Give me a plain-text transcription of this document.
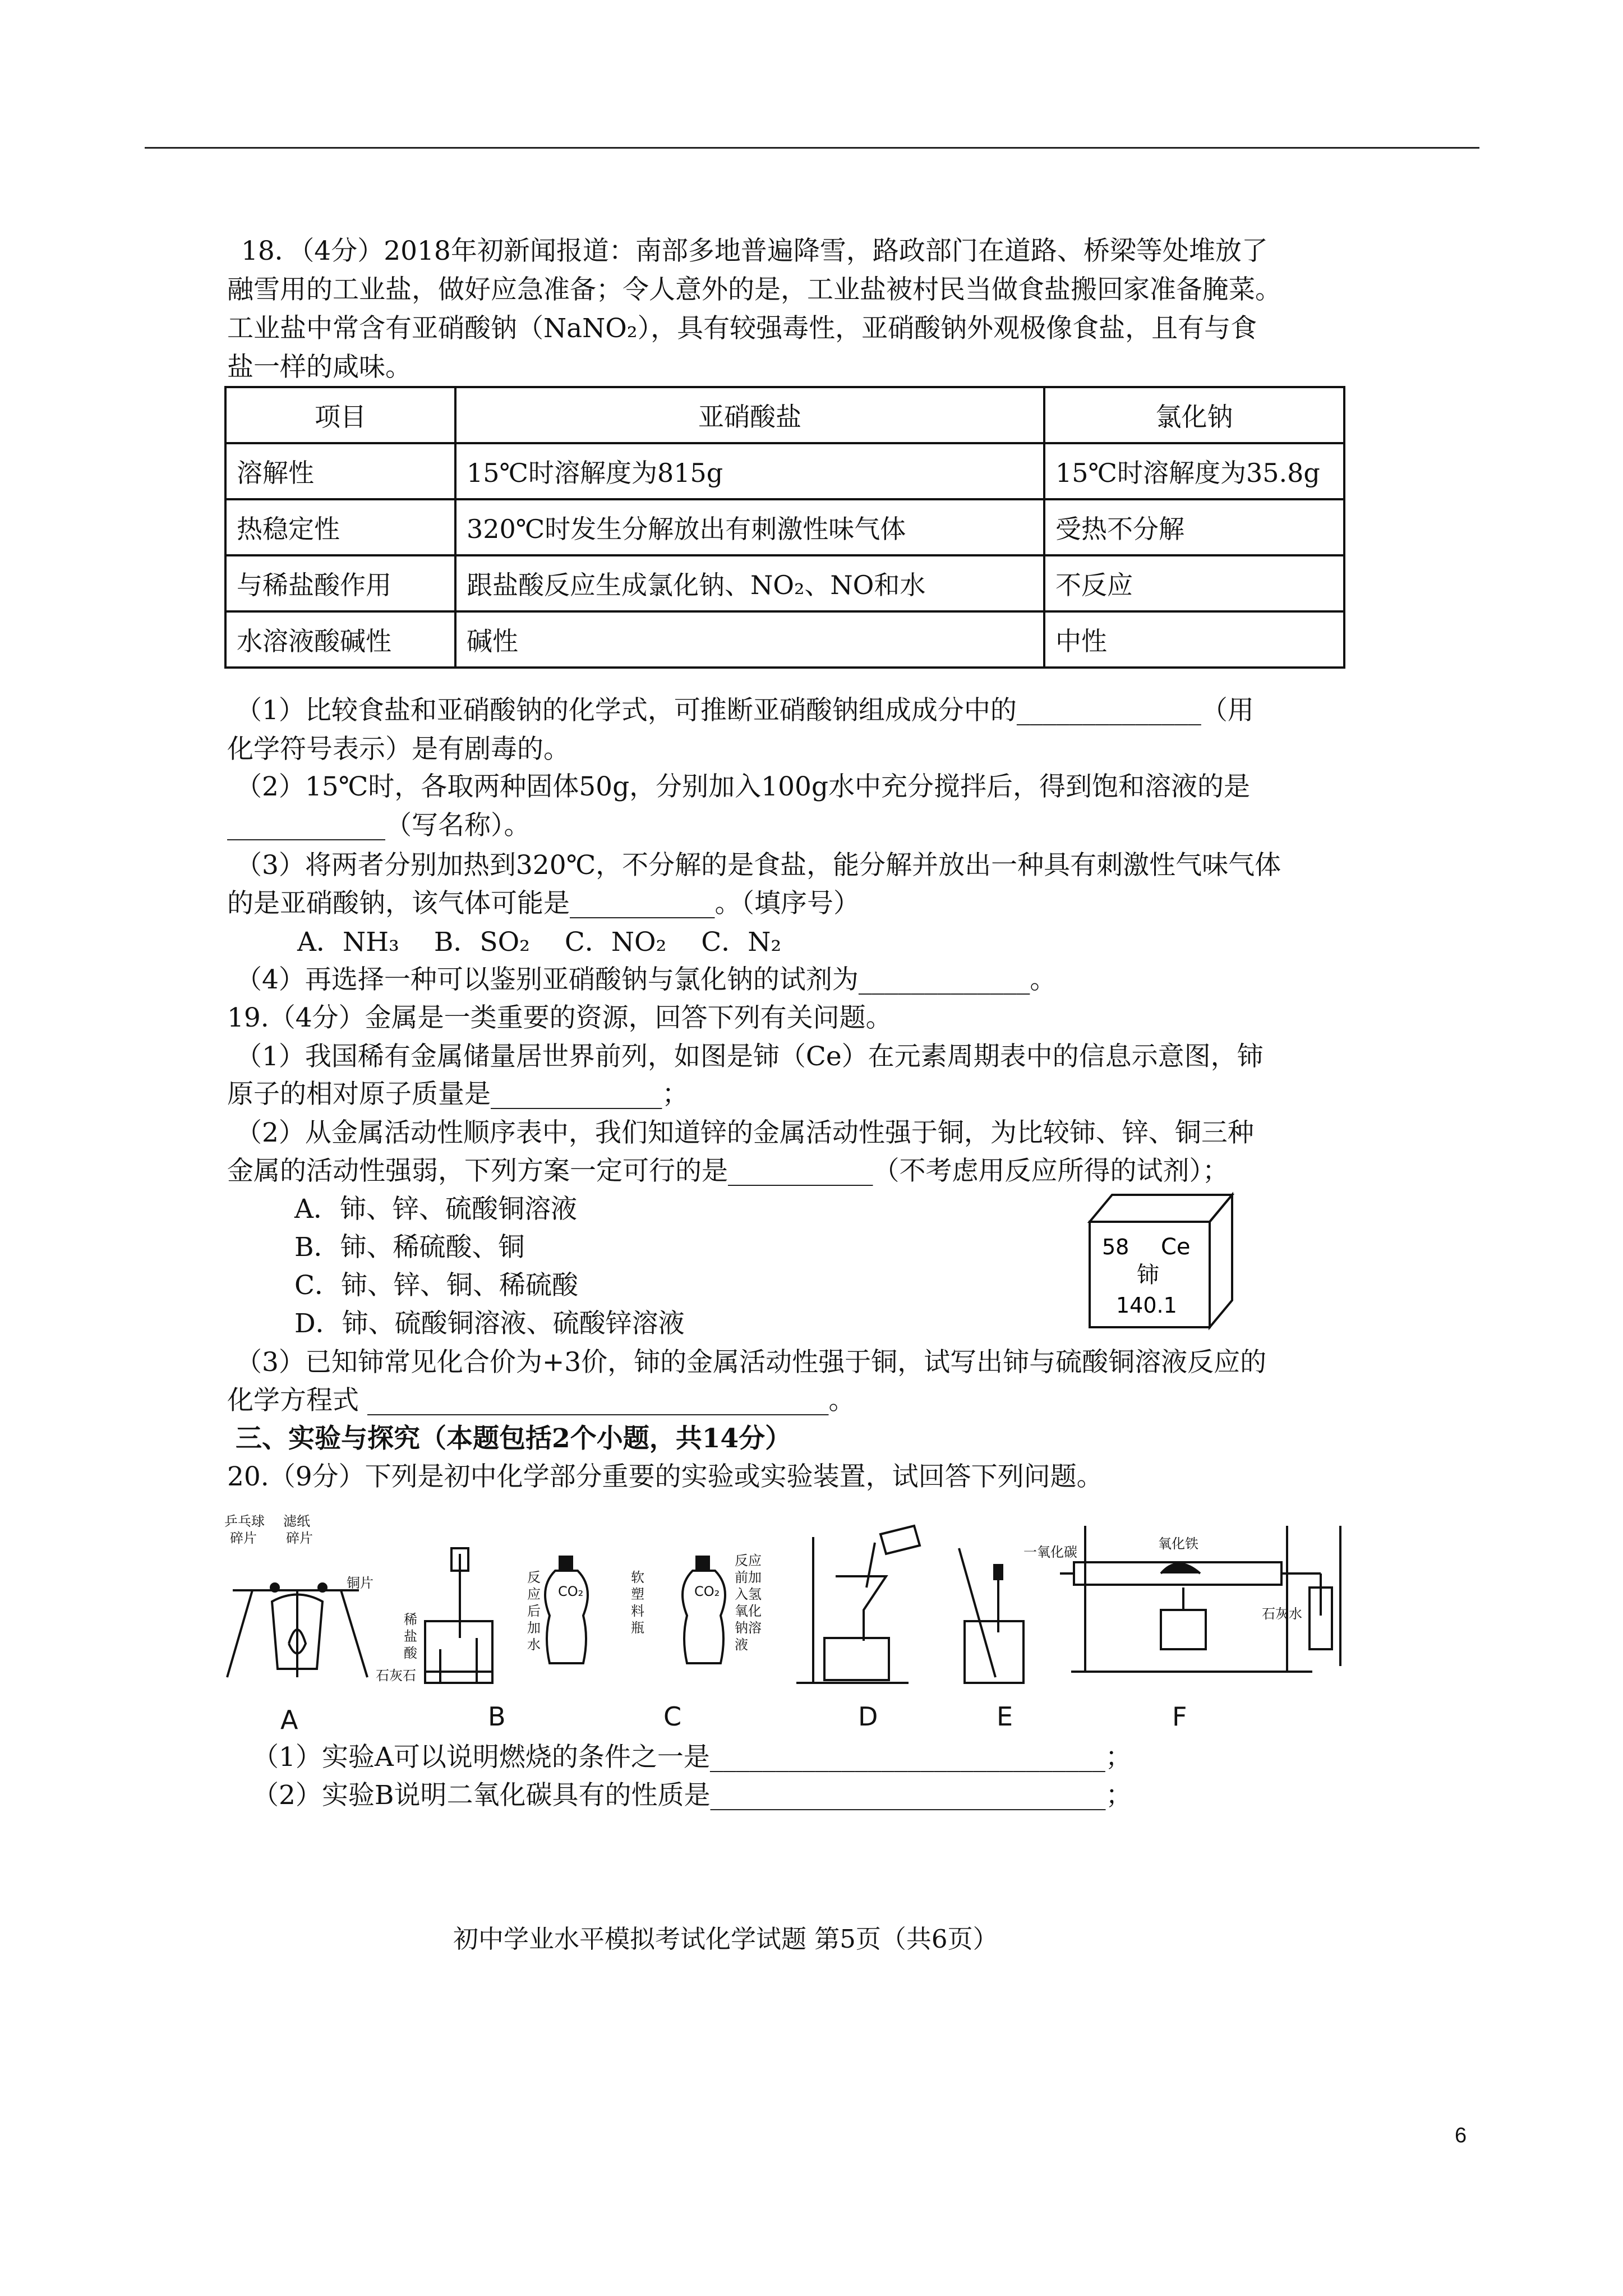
18．（4分）2018年初新闻报道：南部多地普遍降雪，路政部门在道路、桥梁等处堆放了
融雪用的工业盐，做好应急准备；令人意外的是，工业盐被村民当做食盐搬回家准备腌菜。
工业盐中常含有亚硝酸钠（NaNO₂），具有较强毒性，亚硝酸钠外观极像食盐，且有与食
盐一样的咸味。
项目	亚硝酸盐	氯化钠
溶解性	15℃时溶解度为815g	15℃时溶解度为35.8g
热稳定性	320℃时发生分解放出有刺激性味气体	受热不分解
与稀盐酸作用	跟盐酸反应生成氯化钠、NO₂、NO和水	不反应
水溶液酸碱性	碱性	中性
（1）比较食盐和亚硝酸钠的化学式，可推断亚硝酸钠组成成分中的______________（用
化学符号表示）是有剧毒的。
（2）15℃时，各取两种固体50g，分别加入100g水中充分搅拌后，得到饱和溶液的是
____________（写名称）。
（3）将两者分别加热到320℃，不分解的是食盐，能分解并放出一种具有刺激性气味气体
的是亚硝酸钠，该气体可能是___________。（填序号）
A．NH₃　 B．SO₂　 C．NO₂　 C．N₂
（4）再选择一种可以鉴别亚硝酸钠与氯化钠的试剂为_____________。
19.（4分）金属是一类重要的资源，回答下列有关问题。
（1）我国稀有金属储量居世界前列，如图是铈（Ce）在元素周期表中的信息示意图，铈
原子的相对原子质量是_____________；
（2）从金属活动性顺序表中，我们知道锌的金属活动性强于铜，为比较铈、锌、铜三种
金属的活动性强弱，下列方案一定可行的是___________（不考虑用反应所得的试剂）；
A．铈、锌、硫酸铜溶液
B．铈、稀硫酸、铜
C．铈、锌、铜、稀硫酸
D．铈、硫酸铜溶液、硫酸锌溶液
58 Ce
铈
140.1
（3）已知铈常见化合价为+3价，铈的金属活动性强于铜，试写出铈与硫酸铜溶液反应的
化学方程式 ___________________________________。
三、实验与探究（本题包括2个小题，共14分）
20.（9分）下列是初中化学部分重要的实验或实验装置，试回答下列问题。
乒乓球
碎片
滤纸
碎片
铜片
稀
盐
酸
石灰石
反
应
后
加
水
CO₂
软
塑
料
瓶
CO₂
反应
前加
入氢
氧化
钠溶
液
一氧化碳
氧化铁
石灰水
A	B	C	D	E	F
（1）实验A可以说明燃烧的条件之一是______________________________；
（2）实验B说明二氧化碳具有的性质是______________________________；
初中学业水平模拟考试化学试题 第5页（共6页）
6
